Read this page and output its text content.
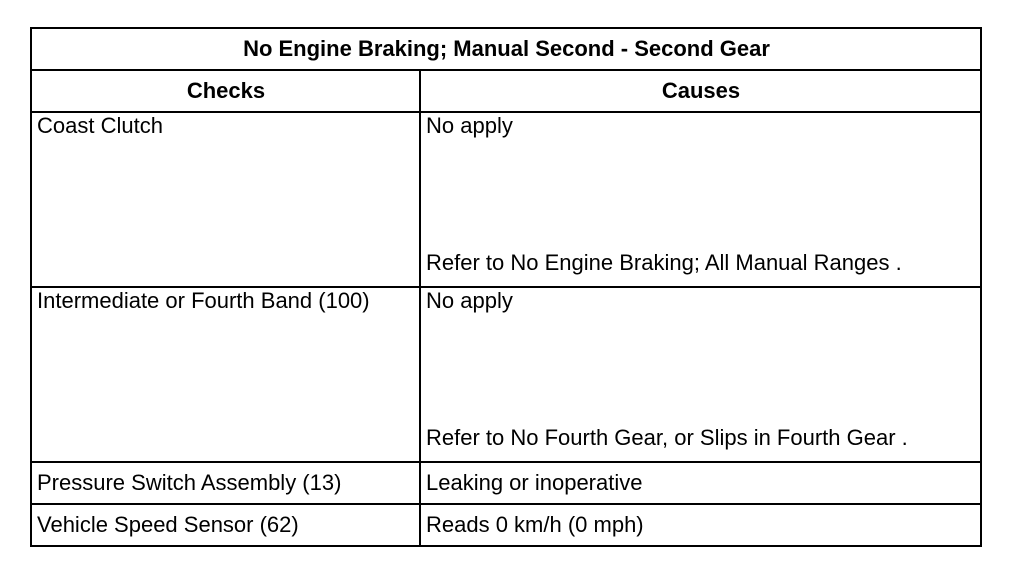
No Engine Braking; Manual Second - Second Gear	
Checks	Causes
Coast Clutch	No apply
Refer to No Engine Braking; All Manual Ranges .

Intermediate or Fourth Band (100)	No apply
Refer to No Fourth Gear, or Slips in Fourth Gear .

Pressure Switch Assembly (13)	Leaking or inoperative
Vehicle Speed Sensor (62)	Reads 0 km/h (0 mph)
